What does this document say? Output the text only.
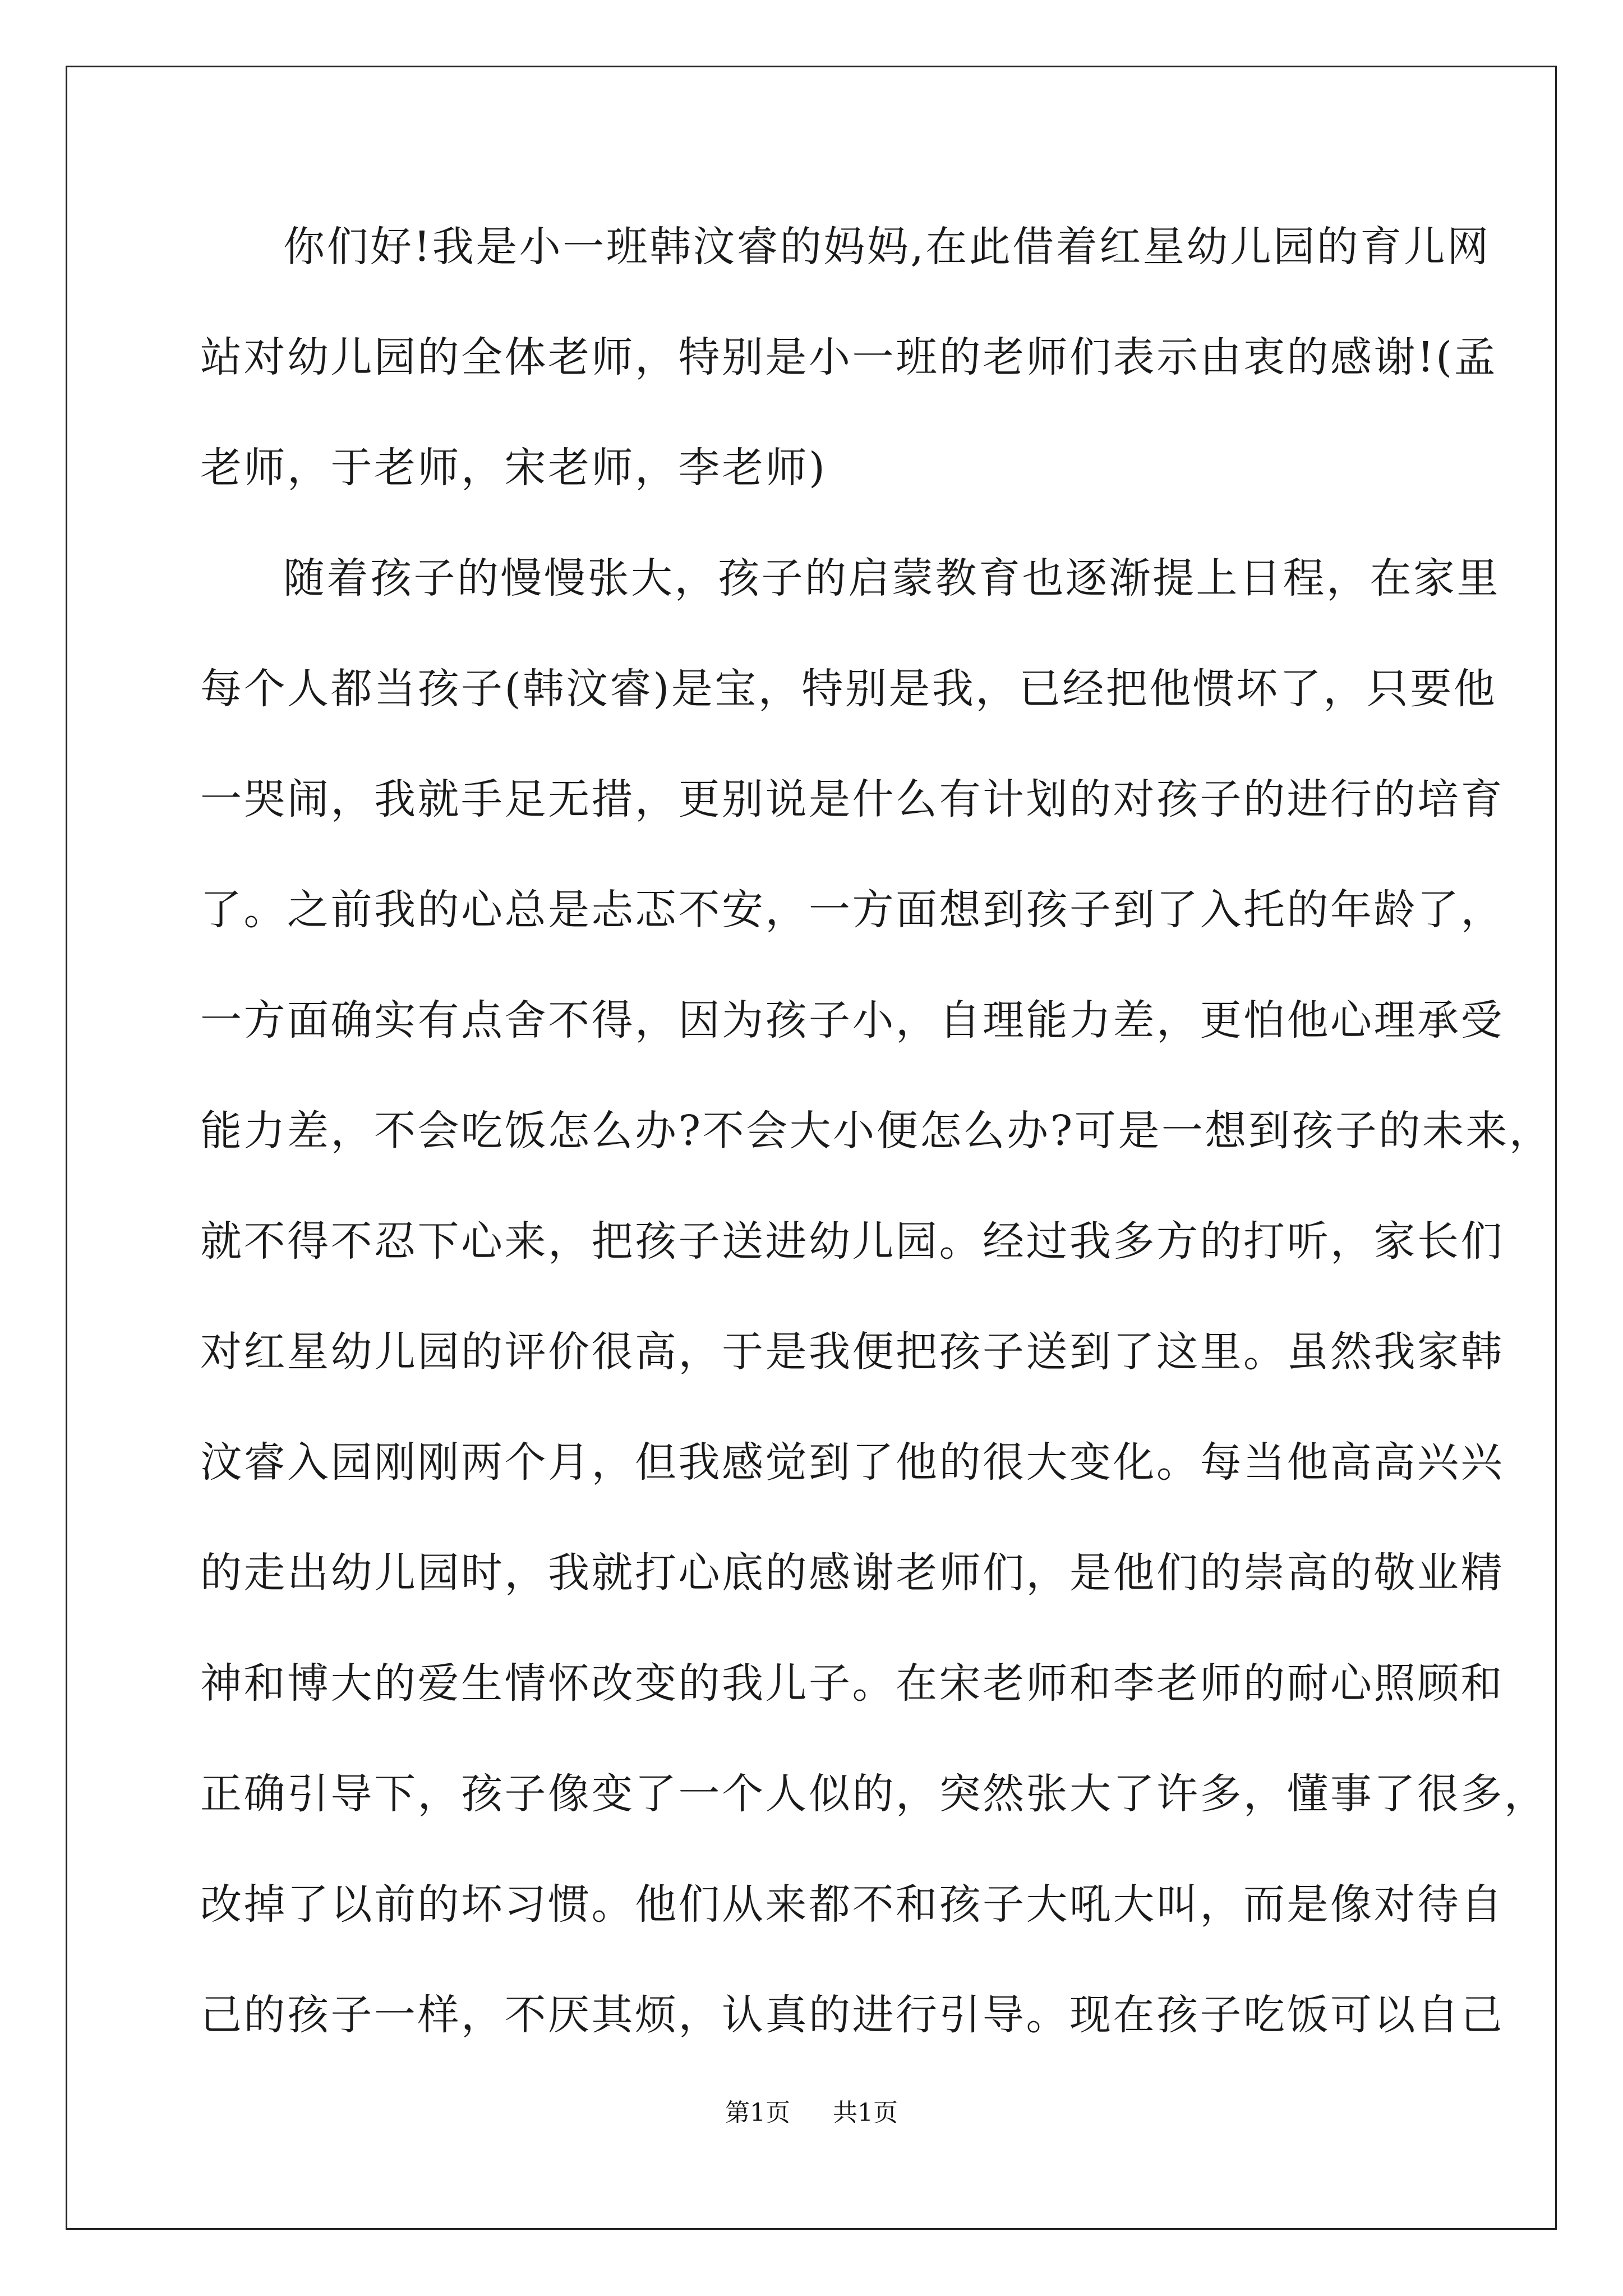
你们好!我是小一班韩汶睿的妈妈,在此借着红星幼儿园的育儿网
站对幼儿园的全体老师，特别是小一班的老师们表示由衷的感谢!(孟
老师，于老师，宋老师，李老师)
随着孩子的慢慢张大，孩子的启蒙教育也逐渐提上日程，在家里
每个人都当孩子(韩汶睿)是宝，特别是我，已经把他惯坏了，只要他
一哭闹，我就手足无措，更别说是什么有计划的对孩子的进行的培育
了。之前我的心总是忐忑不安，一方面想到孩子到了入托的年龄了，
一方面确实有点舍不得，因为孩子小，自理能力差，更怕他心理承受
能力差，不会吃饭怎么办?不会大小便怎么办?可是一想到孩子的未来，
就不得不忍下心来，把孩子送进幼儿园。经过我多方的打听，家长们
对红星幼儿园的评价很高，于是我便把孩子送到了这里。虽然我家韩
汶睿入园刚刚两个月，但我感觉到了他的很大变化。每当他高高兴兴
的走出幼儿园时，我就打心底的感谢老师们，是他们的崇高的敬业精
神和博大的爱生情怀改变的我儿子。在宋老师和李老师的耐心照顾和
正确引导下，孩子像变了一个人似的，突然张大了许多，懂事了很多，
改掉了以前的坏习惯。他们从来都不和孩子大吼大叫，而是像对待自
己的孩子一样，不厌其烦，认真的进行引导。现在孩子吃饭可以自己
第1页 共1页
